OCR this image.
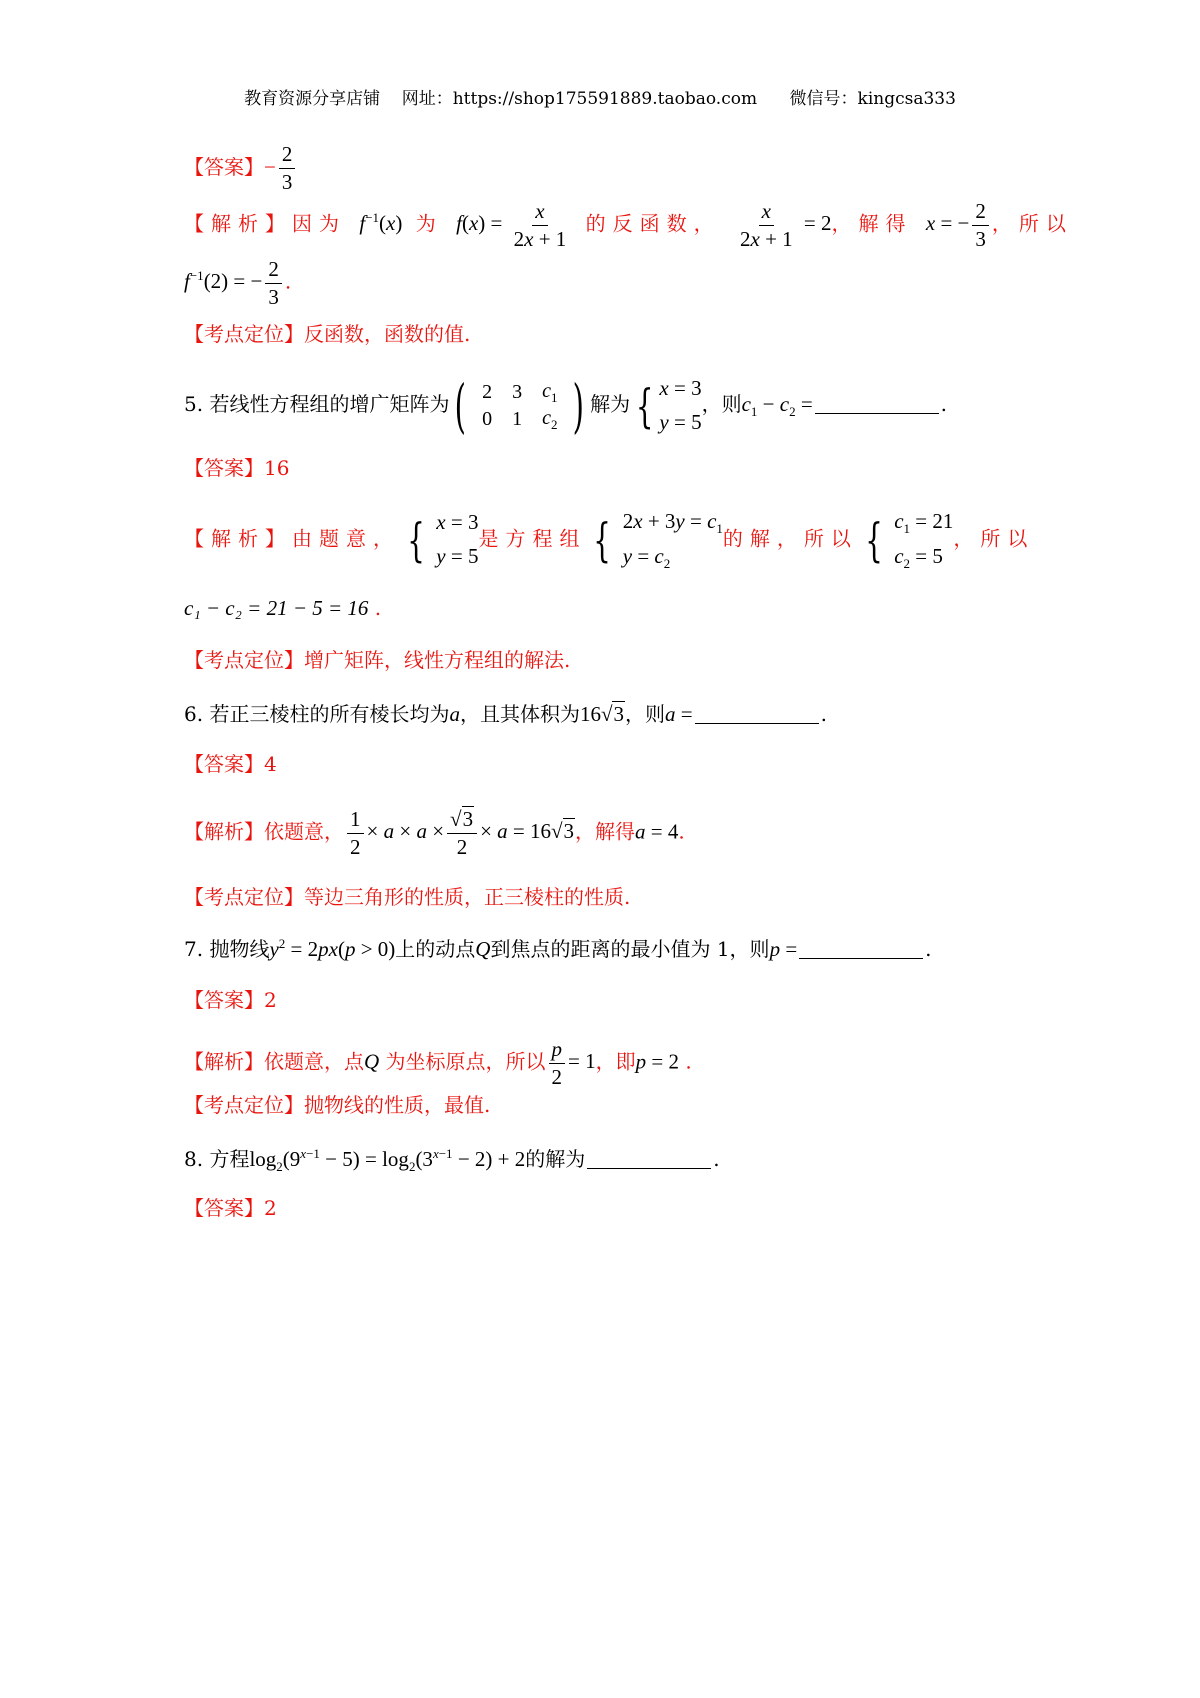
教育资源分享店铺 网址：https://shop175591889.taobao.com 微信号：kingcsa333
【答案】− $\frac{2}{3}$
【解析】因为 $f^{-1}(x)$ 为 $f(x) = \frac{x}{2x + 1}$ 的反函数， $\frac{x}{2x + 1} = 2$，解得 x = − $\frac{2}{3}$ ，所以
$f^{-1}(2)$ = − $\frac{2}{3}$ .
【考点定位】反函数，函数的值.
5. 若线性方程组的增广矩阵为 ( 2	3	$c_1$
0	1	$c_2$ ) 解为 { x = 3
y = 5
，则$c_1 - c_2$ =	.
【答案】16
【解析】由题意， { x = 3
y = 5
是方程组 { $2x + 3y = c_1$
$y = c_2$
的解，所以 { $c_1 = 21$
$c_2 = 5$
，所以
c₁ − c₂ = 21 − 5 = 16 .
【考点定位】增广矩阵，线性方程组的解法.
6. 若正三棱柱的所有棱长均为a，且其体积为16√3，则a =	.
【答案】4
【解析】依题意， $\frac{1}{2} \times a \times a \times \frac{√3}{2} \times a = 16√3$，解得a = 4.
【考点定位】等边三角形的性质，正三棱柱的性质.
7. 抛物线$y^2 = 2px(p > 0)$上的动点Q到焦点的距离的最小值为 1，则p =	.
【答案】2
【解析】依题意，点Q 为坐标原点，所以 $\frac{p}{2} = 1$，即p = 2 .
【考点定位】抛物线的性质，最值.
8. 方程$\log_2(9^{x-1} - 5) = \log_2(3^{x-1} - 2) + 2$的解为	.
【答案】2
